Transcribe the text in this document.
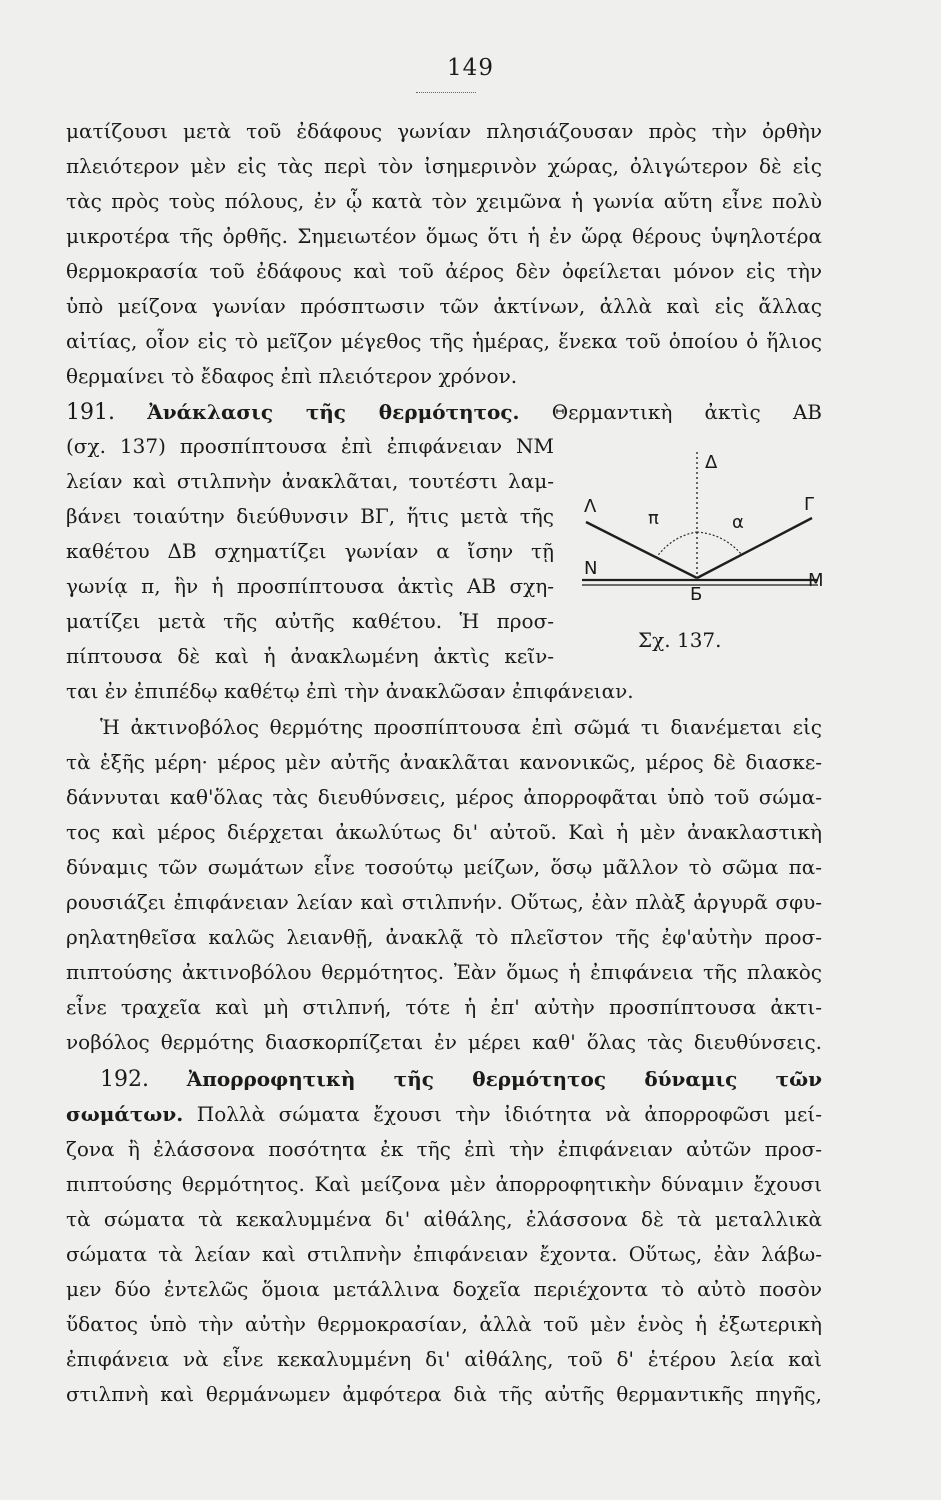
149
ματίζουσι μετὰ τοῦ ἐδάφους γωνίαν πλησιάζουσαν πρὸς τὴν ὀρθὴν
πλειότερον μὲν εἰς τὰς περὶ τὸν ἰσημερινὸν χώρας, ὀλιγώτερον δὲ εἰς
τὰς πρὸς τοὺς πόλους, ἐν ᾧ κατὰ τὸν χειμῶνα ἡ γωνία αὕτη εἶνε πολὺ
μικροτέρα τῆς ὀρθῆς. Σημειωτέον ὅμως ὅτι ἡ ἐν ὥρᾳ θέρους ὑψηλοτέρα
θερμοκρασία τοῦ ἐδάφους καὶ τοῦ ἀέρος δὲν ὀφείλεται μόνον εἰς τὴν
ὑπὸ μείζονα γωνίαν πρόσπτωσιν τῶν ἀκτίνων, ἀλλὰ καὶ εἰς ἄλλας
αἰτίας, οἷον εἰς τὸ μεῖζον μέγεθος τῆς ἡμέρας, ἕνεκα τοῦ ὁποίου ὁ ἥλιος
θερμαίνει τὸ ἔδαφος ἐπὶ πλειότερον χρόνον.
191. Ἀνάκλασις τῆς θερμότητος. Θερμαντικὴ ἀκτὶς ΑΒ
(σχ. 137) προσπίπτουσα ἐπὶ ἐπιφάνειαν ΝΜ
λείαν καὶ στιλπνὴν ἀνακλᾶται, τουτέστι λαμ-
βάνει τοιαύτην διεύθυνσιν ΒΓ, ἥτις μετὰ τῆς
καθέτου ΔΒ σχηματίζει γωνίαν α ἴσην τῇ
γωνίᾳ π, ἣν ἡ προσπίπτουσα ἀκτὶς ΑΒ σχη-
ματίζει μετὰ τῆς αὐτῆς καθέτου. Ἡ προσ-
πίπτουσα δὲ καὶ ἡ ἀνακλωμένη ἀκτὶς κεῖν-
ται ἐν ἐπιπέδῳ καθέτῳ ἐπὶ τὴν ἀνακλῶσαν ἐπιφάνειαν.
Λ
Δ
Γ
π	α
N
M
Б
Σχ. 137.
Ἡ ἀκτινοβόλος θερμότης προσπίπτουσα ἐπὶ σῶμά τι διανέμεται εἰς
τὰ ἑξῆς μέρη· μέρος μὲν αὐτῆς ἀνακλᾶται κανονικῶς, μέρος δὲ διασκε-
δάννυται καθ'ὅλας τὰς διευθύνσεις, μέρος ἀπορροφᾶται ὑπὸ τοῦ σώμα-
τος καὶ μέρος διέρχεται ἀκωλύτως δι' αὐτοῦ. Καὶ ἡ μὲν ἀνακλαστικὴ
δύναμις τῶν σωμάτων εἶνε τοσούτῳ μείζων, ὅσῳ μᾶλλον τὸ σῶμα πα-
ρουσιάζει ἐπιφάνειαν λείαν καὶ στιλπνήν. Οὕτως, ἐὰν πλὰξ ἀργυρᾶ σφυ-
ρηλατηθεῖσα καλῶς λειανθῇ, ἀνακλᾷ τὸ πλεῖστον τῆς ἐφ'αὐτὴν προσ-
πιπτούσης ἀκτινοβόλου θερμότητος. Ἐὰν ὅμως ἡ ἐπιφάνεια τῆς πλακὸς
εἶνε τραχεῖα καὶ μὴ στιλπνή, τότε ἡ ἐπ' αὐτὴν προσπίπτουσα ἀκτι-
νοβόλος θερμότης διασκορπίζεται ἐν μέρει καθ' ὅλας τὰς διευθύνσεις.
192. Ἀπορροφητικὴ τῆς θερμότητος δύναμις τῶν
σωμάτων. Πολλὰ σώματα ἔχουσι τὴν ἰδιότητα νὰ ἀπορροφῶσι μεί-
ζονα ἢ ἐλάσσονα ποσότητα ἐκ τῆς ἐπὶ τὴν ἐπιφάνειαν αὐτῶν προσ-
πιπτούσης θερμότητος. Καὶ μείζονα μὲν ἀπορροφητικὴν δύναμιν ἔχουσι
τὰ σώματα τὰ κεκαλυμμένα δι' αἰθάλης, ἐλάσσονα δὲ τὰ μεταλλικὰ
σώματα τὰ λείαν καὶ στιλπνὴν ἐπιφάνειαν ἔχοντα. Οὕτως, ἐὰν λάβω-
μεν δύο ἐντελῶς ὅμοια μετάλλινα δοχεῖα περιέχοντα τὸ αὐτὸ ποσὸν
ὕδατος ὑπὸ τὴν αὐτὴν θερμοκρασίαν, ἀλλὰ τοῦ μὲν ἑνὸς ἡ ἐξωτερικὴ
ἐπιφάνεια νὰ εἶνε κεκαλυμμένη δι' αἰθάλης, τοῦ δ' ἑτέρου λεία καὶ
στιλπνὴ καὶ θερμάνωμεν ἀμφότερα διὰ τῆς αὐτῆς θερμαντικῆς πηγῆς,
